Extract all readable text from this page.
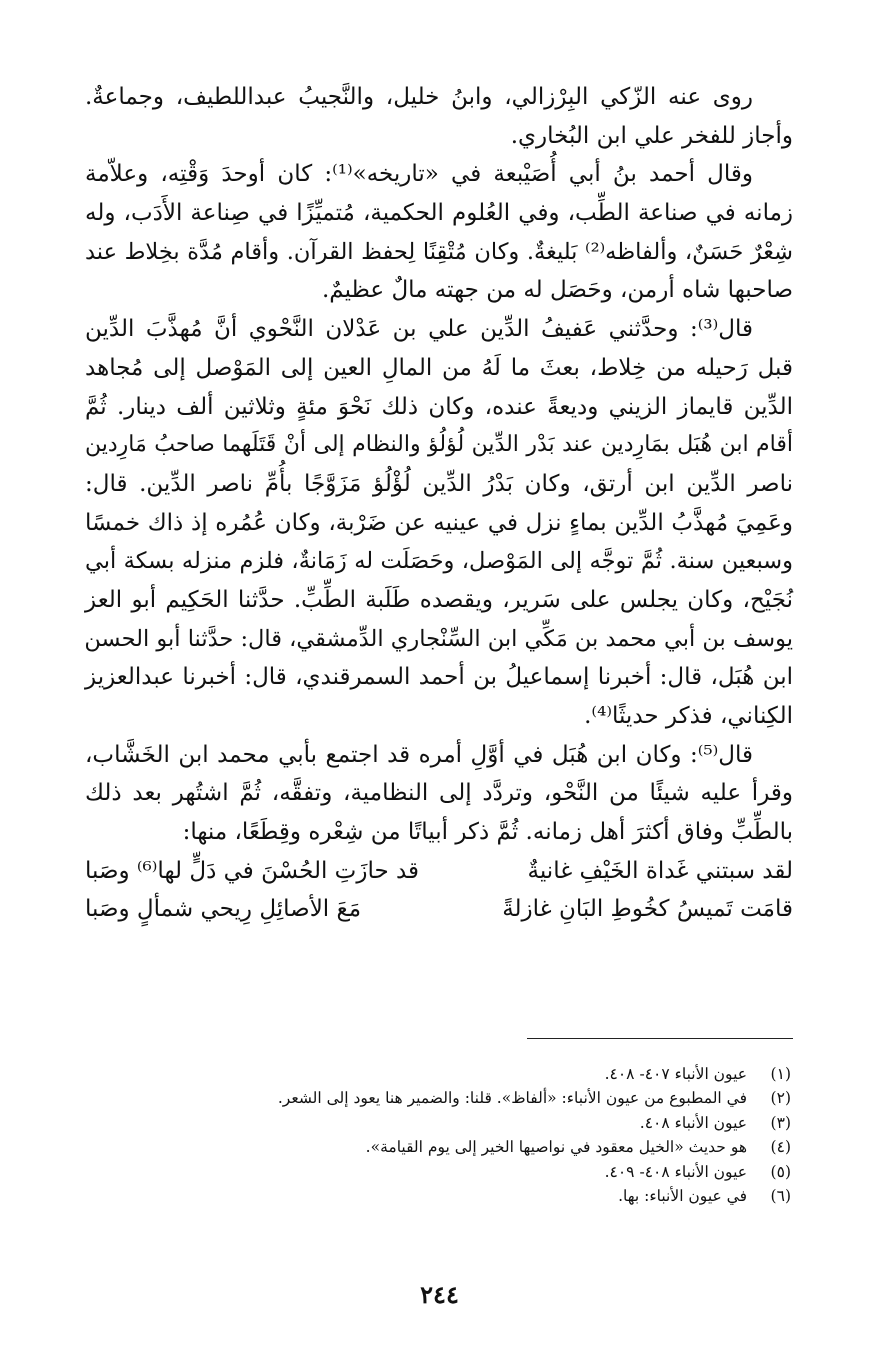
روى عنه الزّكي البِرْزالي، وابنُ خليل، والنَّجيبُ عبداللطيف، وجماعةٌ.
وأجاز للفخر علي ابن البُخاري.
وقال أحمد بنُ أبي أُصَيْبعة في «تاريخه»⁽¹⁾: كان أوحدَ وَقْتِه، وعلاّمة
زمانه في صناعة الطِّب، وفي العُلوم الحكمية، مُتميِّزًا في صِناعة الأَدَب، وله
شِعْرٌ حَسَنٌ، وألفاظه⁽²⁾ بَليغةٌ. وكان مُتْقِنًا لِحفظ القرآن. وأقام مُدَّة بخِلاط عند
صاحبها شاه أرمن، وحَصَل له من جهته مالٌ عظيمٌ.
قال⁽³⁾: وحدَّثني عَفيفُ الدِّين علي بن عَدْلان النَّحْوي أنَّ مُهذَّبَ الدِّين
قبل رَحيله من خِلاط، بعثَ ما لَهُ من المالِ العين إلى المَوْصل إلى مُجاهد
الدِّين قايماز الزيني وديعةً عنده، وكان ذلك نَحْوَ مئةٍ وثلاثين ألف دينار. ثُمَّ
أقام ابن هُبَل بمَارِدين عند بَدْر الدِّين لُؤلُؤ والنظام إلى أنْ قَتَلَهما صاحبُ مَارِدين
ناصر الدِّين ابن أرتق، وكان بَدْرُ الدِّين لُؤْلُؤ مَزَوَّجًا بأُمِّ ناصر الدِّين. قال:
وعَمِيَ مُهذَّبُ الدِّين بماءٍ نزل في عينيه عن ضَرْبة، وكان عُمُره إذ ذاك خمسًا
وسبعين سنة. ثُمَّ توجَّه إلى المَوْصل، وحَصَلَت له زَمَانةٌ، فلزم منزله بسكة أبي
نُجَيْح، وكان يجلس على سَرير، ويقصده طَلَبة الطِّبِّ. حدَّثنا الحَكِيم أبو العز
يوسف بن أبي محمد بن مَكِّي ابن السِّنْجاري الدِّمشقي، قال: حدَّثنا أبو الحسن
ابن هُبَل، قال: أخبرنا إسماعيلُ بن أحمد السمرقندي، قال: أخبرنا عبدالعزيز
الكِناني، فذكر حديثًا⁽⁴⁾.
قال⁽⁵⁾: وكان ابن هُبَل في أوَّلِ أمره قد اجتمع بأبي محمد ابن الخَشَّاب،
وقرأ عليه شيئًا من النَّحْو، وتردَّد إلى النظامية، وتفقَّه، ثُمَّ اشتُهر بعد ذلك
بالطِّبِّ وفاق أكثرَ أهل زمانه. ثُمَّ ذكر أبياتًا من شِعْره وقِطَعًا، منها:
لقد سبتني غَداة الخَيْفِ غانيةٌ
قد حازَتِ الحُسْنَ في دَلٍّ لها⁽⁶⁾ وصَبا
قامَت تَميسُ كخُوطِ البَانِ غازلةً
مَعَ الأصائِلِ رِيحي شمألٍ وصَبا
(١)
عيون الأنباء ٤٠٧- ٤٠٨.
(٢)
في المطبوع من عيون الأنباء: «ألفاظ». قلنا: والضمير هنا يعود إلى الشعر.
(٣)
عيون الأنباء ٤٠٨.
(٤)
هو حديث «الخيل معقود في نواصيها الخير إلى يوم القيامة».
(٥)
عيون الأنباء ٤٠٨- ٤٠٩.
(٦)
في عيون الأنباء: بها.
٢٤٤
